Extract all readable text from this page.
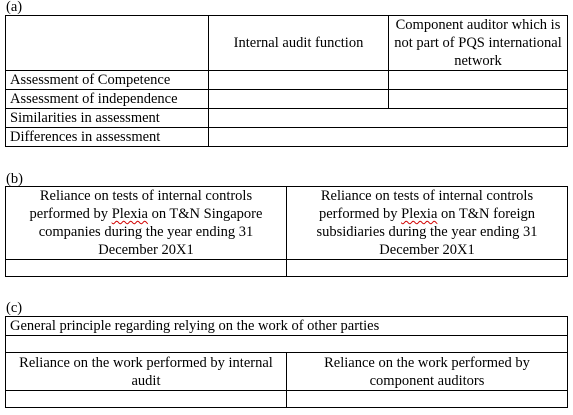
(a)
	Internal audit function	Component auditor which is not part of PQS international network
Assessment of Competence		
Assessment of independence		
Similarities in assessment		
Differences in assessment		
(b)
Reliance on tests of internal controls performed by Plexia on T&N Singapore companies during the year ending 31 December 20X1	Reliance on tests of internal controls performed by Plexia on T&N foreign subsidiaries during the year ending 31 December 20X1

(c)
General principle regarding relying on the work of other parties	

Reliance on the work performed by internal audit	Reliance on the work performed by component auditors
